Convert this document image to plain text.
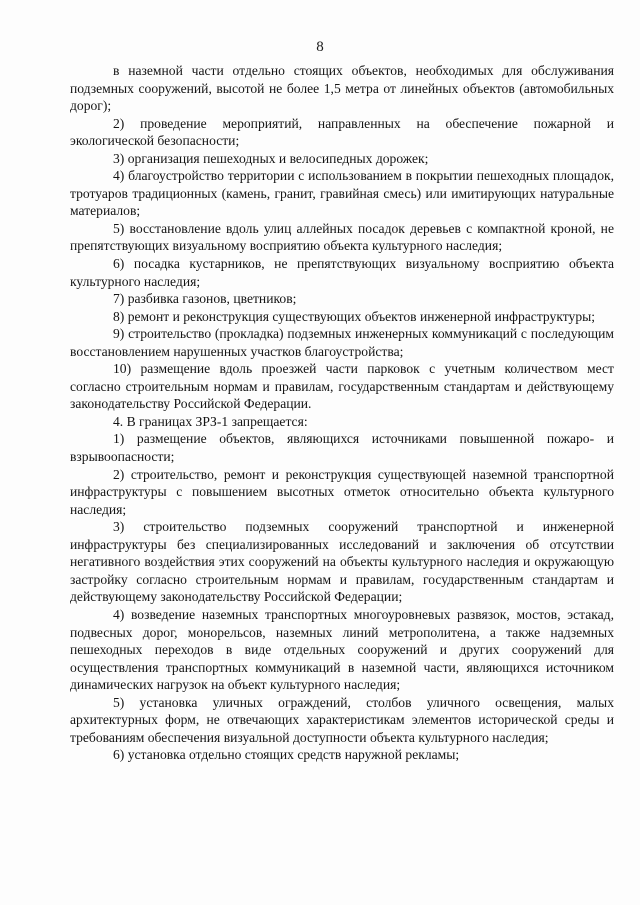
8

в наземной части отдельно стоящих объектов, необходимых для обслуживания подземных сооружений, высотой не более 1,5 метра от линейных объектов (автомобильных дорог);

2) проведение мероприятий, направленных на обеспечение пожарной и экологической безопасности;

3) организация пешеходных и велосипедных дорожек;

4) благоустройство территории с использованием в покрытии пешеходных площадок, тротуаров традиционных (камень, гранит, гравийная смесь) или имитирующих натуральные материалов;

5) восстановление вдоль улиц аллейных посадок деревьев с компактной кроной, не препятствующих визуальному восприятию объекта культурного наследия;

6) посадка кустарников, не препятствующих визуальному восприятию объекта культурного наследия;

7) разбивка газонов, цветников;

8) ремонт и реконструкция существующих объектов инженерной инфраструктуры;

9) строительство (прокладка) подземных инженерных коммуникаций с последующим восстановлением нарушенных участков благоустройства;

10) размещение вдоль проезжей части парковок с учетным количеством мест согласно строительным нормам и правилам, государственным стандартам и действующему законодательству Российской Федерации.

4. В границах ЗРЗ-1 запрещается:

1) размещение объектов, являющихся источниками повышенной пожаро- и взрывоопасности;

2) строительство, ремонт и реконструкция существующей наземной транспортной инфраструктуры с повышением высотных отметок относительно объекта культурного наследия;

3) строительство подземных сооружений транспортной и инженерной инфраструктуры без специализированных исследований и заключения об отсутствии негативного воздействия этих сооружений на объекты культурного наследия и окружающую застройку согласно строительным нормам и правилам, государственным стандартам и действующему законодательству Российской Федерации;

4) возведение наземных транспортных многоуровневых развязок, мостов, эстакад, подвесных дорог, монорельсов, наземных линий метрополитена, а также надземных пешеходных переходов в виде отдельных сооружений и других сооружений для осуществления транспортных коммуникаций в наземной части, являющихся источником динамических нагрузок на объект культурного наследия;

5) установка уличных ограждений, столбов уличного освещения, малых архитектурных форм, не отвечающих характеристикам элементов исторической среды и требованиям обеспечения визуальной доступности объекта культурного наследия;

6) установка отдельно стоящих средств наружной рекламы;
